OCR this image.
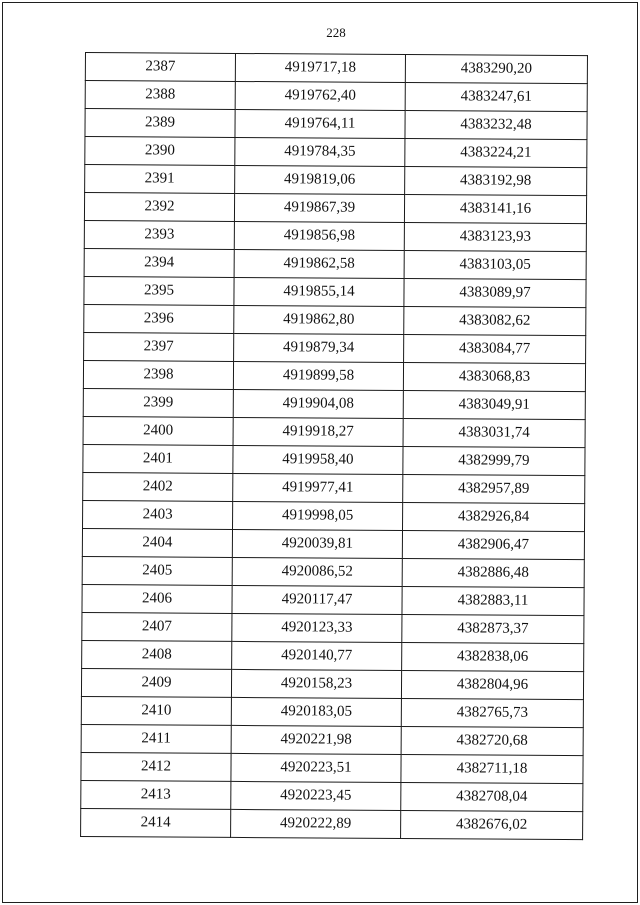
228
2387	4919717,18	4383290,20
2388	4919762,40	4383247,61
2389	4919764,11	4383232,48
2390	4919784,35	4383224,21
2391	4919819,06	4383192,98
2392	4919867,39	4383141,16
2393	4919856,98	4383123,93
2394	4919862,58	4383103,05
2395	4919855,14	4383089,97
2396	4919862,80	4383082,62
2397	4919879,34	4383084,77
2398	4919899,58	4383068,83
2399	4919904,08	4383049,91
2400	4919918,27	4383031,74
2401	4919958,40	4382999,79
2402	4919977,41	4382957,89
2403	4919998,05	4382926,84
2404	4920039,81	4382906,47
2405	4920086,52	4382886,48
2406	4920117,47	4382883,11
2407	4920123,33	4382873,37
2408	4920140,77	4382838,06
2409	4920158,23	4382804,96
2410	4920183,05	4382765,73
2411	4920221,98	4382720,68
2412	4920223,51	4382711,18
2413	4920223,45	4382708,04
2414	4920222,89	4382676,02
